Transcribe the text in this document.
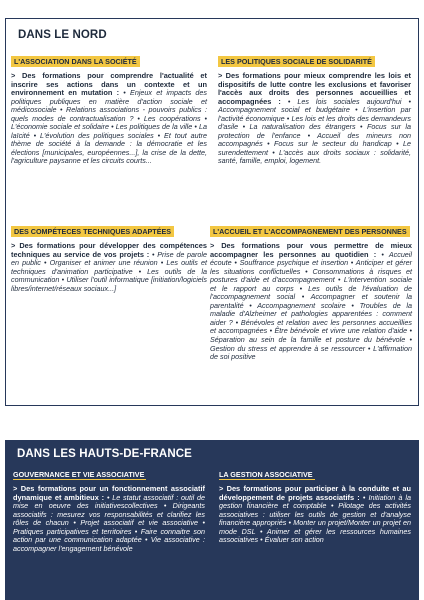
DANS LE NORD
L'ASSOCIATION DANS LA SOCIÉTÉ
> Des formations pour comprendre l'actualité et inscrire ses actions dans un contexte et un environnement en mutation : • Enjeux et impacts des politiques publiques en matière d'action sociale et médicosociale • Relations associations - pouvoirs publics : quels modes de contractualisation ? • Les coopérations • L'économie sociale et solidaire • Les politiques de la ville • La laïcité • L'évolution des politiques sociales • Et tout autre thème de société à la demande : la démocratie et les élections [municipales, européennes...], la crise de la dette, l'agriculture paysanne et les circuits courts...
LES POLITIQUES SOCIALE DE SOLIDARITÉ
> Des formations pour mieux comprendre les lois et dispositifs de lutte contre les exclusions et favoriser l'accès aux droits des personnes accueillies et accompagnées : • Les lois sociales aujourd'hui • Accompagnement social et budgétaire • L'insertion par l'activité économique • Les lois et les droits des demandeurs d'asile • La naturalisation des étrangers • Focus sur la protection de l'enfance • Accueil des mineurs non accompagnés • Focus sur le secteur du handicap • Le surendettement • L'accès aux droits sociaux : solidarité, santé, famille, emploi, logement.
DES COMPÉTECES TECHNIQUES ADAPTÉES
> Des formations pour développer des compétences techniques au service de vos projets : • Prise de parole en public • Organiser et animer une réunion • Les outils et techniques d'animation participative • Les outils de la communication • Utiliser l'outil informatique [initiation/logiciels libres/internet/réseaux sociaux...]
L'ACCUEIL ET L'ACCOMPAGNEMENT DES PERSONNES
> Des formations pour vous permettre de mieux accompagner les personnes au quotidien : • Accueil écoute • Souffrance psychique et insertion • Anticiper et gérer les situations conflictuelles • Consommations à risques et postures d'aide et d'accompagnement • L'intervention sociale et le rapport au corps • Les outils de l'évaluation de l'accompagnement social • Accompagner et soutenir la parentalité • Accompagnement scolaire • Troubles de la maladie d'Alzheimer et pathologies apparentées : comment aider ? • Bénévoles et relation avec les personnes accueillies et accompagnées • Être bénévole et vivre une relation d'aide • Séparation au sein de la famille et posture du bénévole • Gestion du stress et apprendre à se ressourcer • L'affirmation de soi positive
DANS LES HAUTS-DE-FRANCE
GOUVERNANCE ET VIE ASSOCIATIVE
> Des formations pour un fonctionnement associatif dynamique et ambitieux : • Le statut associatif : outil de mise en oeuvre des initiativescollectives • Dirigeants associatifs : mesurez vos responsabilités et clarifiez les rôles de chacun • Projet associatif et vie associative • Pratiques participatives et territoires • Faire connaitre son action par une communication adaptée • Vie associative : accompagner l'engagement bénévole
LA GESTION ASSOCIATIVE
> Des formations pour participer à la conduite et au développement de projets associatifs : • Initiation à la gestion financière et comptable • Pilotage des activités associatives : utiliser les outils de gestion et d'analyse financière appropriés • Monter un projet/Monter un projet en mode DSL • Animer et gérer les ressources humaines associatives • Évaluer son action
